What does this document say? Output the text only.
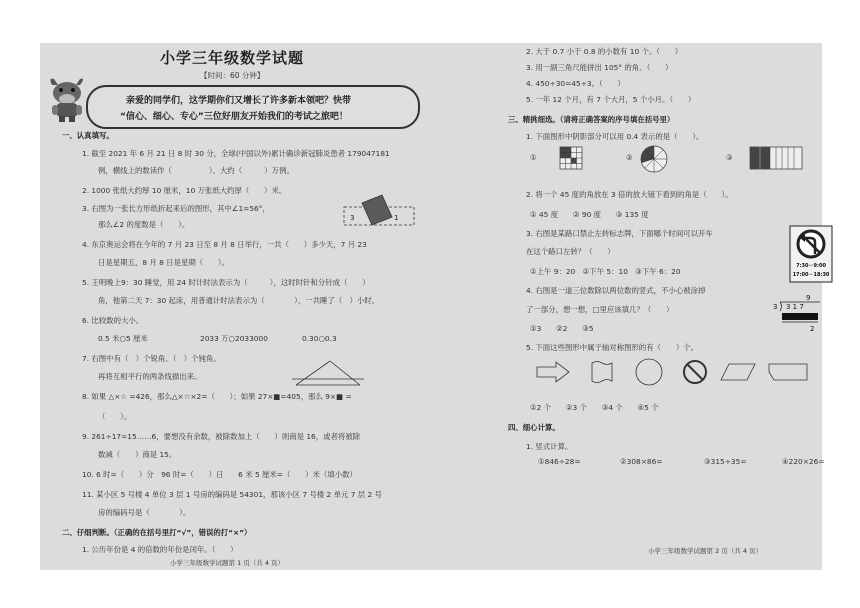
小学三年级数学试题
【时间：60 分钟】
亲爱的同学们，这学期你们又增长了许多新本领吧？快带
“信心、细心、专心”三位好朋友开始我们的考试之旅吧！
一、认真填写。
1. 截至 2021 年 6 月 21 日 8 时 30 分，全球(中国以外)累计确诊新冠肺炎患者 179047181
例，横线上的数读作（　　　　　）、大约（　　　）万例。
2. 1000 张纸大约厚 10 厘米，10 万张纸大约厚（　　）米。
3. 右图为一张长方形纸折起来后的图形，其中∠1=56°，
那么∠2 的度数是（　　）。
3	1
4. 东京奥运会将在今年的 7 月 23 日至 8 月 8 日举行，一共（　　）多少天，7 月 23
日是星期五，8 月 8 日是星期（　　）。
5. 王明晚上9：30 睡觉，用 24 时计时法表示为（　　　），这时时针和分针成（　　）
角，他第二天 7：30 起床，用普通计时法表示为（　　　　），一共睡了（　）小时。
6. 比较数的大小。
0.5 米○5 厘米	2033 万○2033000	0.30○0.3
7. 右图中有（　）个锐角、（　）个钝角。
再将互相平行的两条线描出来。
8. 如果 △×☆ =426，那么△×☆×2=（　　）；如果 27×■=405，那么 9×■ =
（　　）。
9. 261÷17=15……6，要想没有余数，被除数加上（　　）则商是 16，或者将被除
数减（　　）商是 15。
10. 6 时=（　　）分　96 时=（　　）日　　6 米 5 厘米=（　　）米（填小数）
11. 某小区 5 号楼 4 单位 3 层 1 号房的编码是 54301，那该小区 7 号楼 2 单元 7 层 2 号
房的编码号是（　　　　）。
二、仔细判断。（正确的在括号里打“√”，错误的打“×”）
1. 公历年份是 4 的倍数的年份是闰年。（　　）
小学三年级数学试题第 1 页（共 4 页）
2. 大于 0.7 小于 0.8 的小数有 10 个。（　　）
3. 用一副三角尺能拼出 105° 的角。（　　）
4. 450÷30=45÷3。（　　）
5. 一年 12 个月，有 7 个大月，5 个小月。（　　）
三、精挑细选。（请将正确答案的序号填在括号里）
1. 下面图形中阴影部分可以用 0.4 表示的是（　　）。
①	②	③
2. 将一个 45 度的角放在 3 倍的放大镜下看到的角是（　　）。
① 45 度　　② 90 度　　③ 135 度
3. 右图是某路口禁止左转标志牌，下面哪个时间可以开车
在这个路口左转？（　　）
①上午 9：20　②下午 5：10　③下午 6：20
7:30－9:00
17:00－18:30
4. 右图是一道三位数除以两位数的竖式，不小心被涂掉
了一部分，想一想，□里应该填几？（　　）
①3　　②2　　③5
9
3 3 1 7
2
5. 下面这些图形中属于轴对称图形的有（　　）个。
①2 个　　②3 个　　③4 个　　④5 个
四、细心计算。
1. 竖式计算。
①846÷28=	②308×86=	③315÷35=	④220×26=
小学三年级数学试题第 2 页（共 4 页）
